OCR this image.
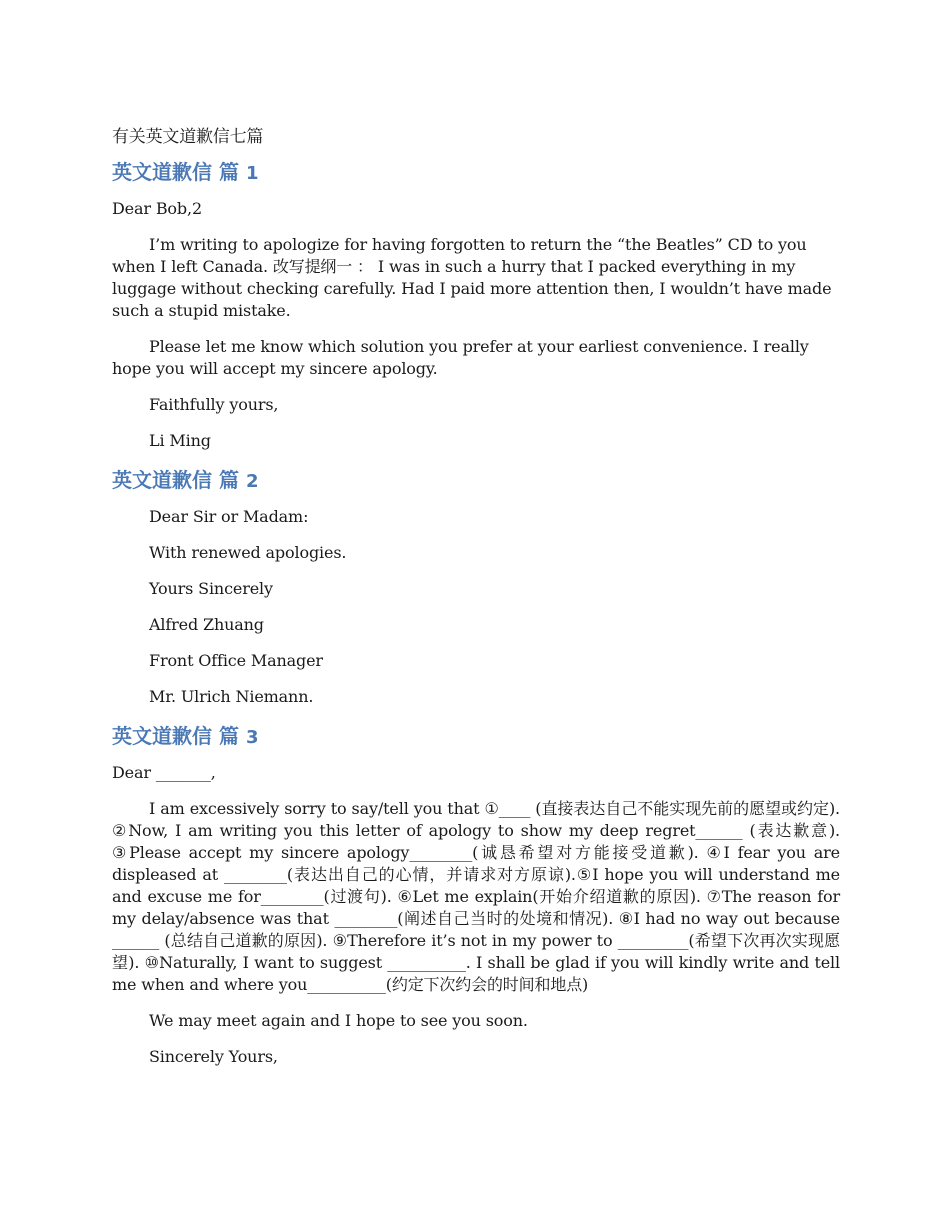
有关英文道歉信七篇
英文道歉信 篇 1

Dear Bob,2

I’m writing to apologize for having forgotten to return the “the Beatles” CD to you when I left Canada. 改写提纲一 ： I was in such a hurry that I packed everything in my luggage without checking carefully. Had I paid more attention then, I wouldn’t have made such a stupid mistake.

Please let me know which solution you prefer at your earliest convenience. I really hope you will accept my sincere apology.

Faithfully yours,

Li Ming

英文道歉信 篇 2

Dear Sir or Madam:

With renewed apologies.

Yours Sincerely

Alfred Zhuang

Front Office Manager

Mr. Ulrich Niemann.

英文道歉信 篇 3

Dear _______,

I am excessively sorry to say/tell you that ①____ (直接表达自己不能实现先前的愿望或约定). ②Now, I am writing you this letter of apology to show my deep regret______ (表达歉意). ③Please accept my sincere apology________(诚恳希望对方能接受道歉). ④I fear you are displeased at ________(表达出自己的心情，并请求对方原谅).⑤I hope you will understand me and excuse me for________(过渡句). ⑥Let me explain(开始介绍道歉的原因). ⑦The reason for my delay/absence was that ________(阐述自己当时的处境和情况). ⑧I had no way out because ______ (总结自己道歉的原因). ⑨Therefore it’s not in my power to _________(希望下次再次实现愿望). ⑩Naturally, I want to suggest __________. I shall be glad if you will kindly write and tell me when and where you__________(约定下次约会的时间和地点)

We may meet again and I hope to see you soon.

Sincerely Yours,
